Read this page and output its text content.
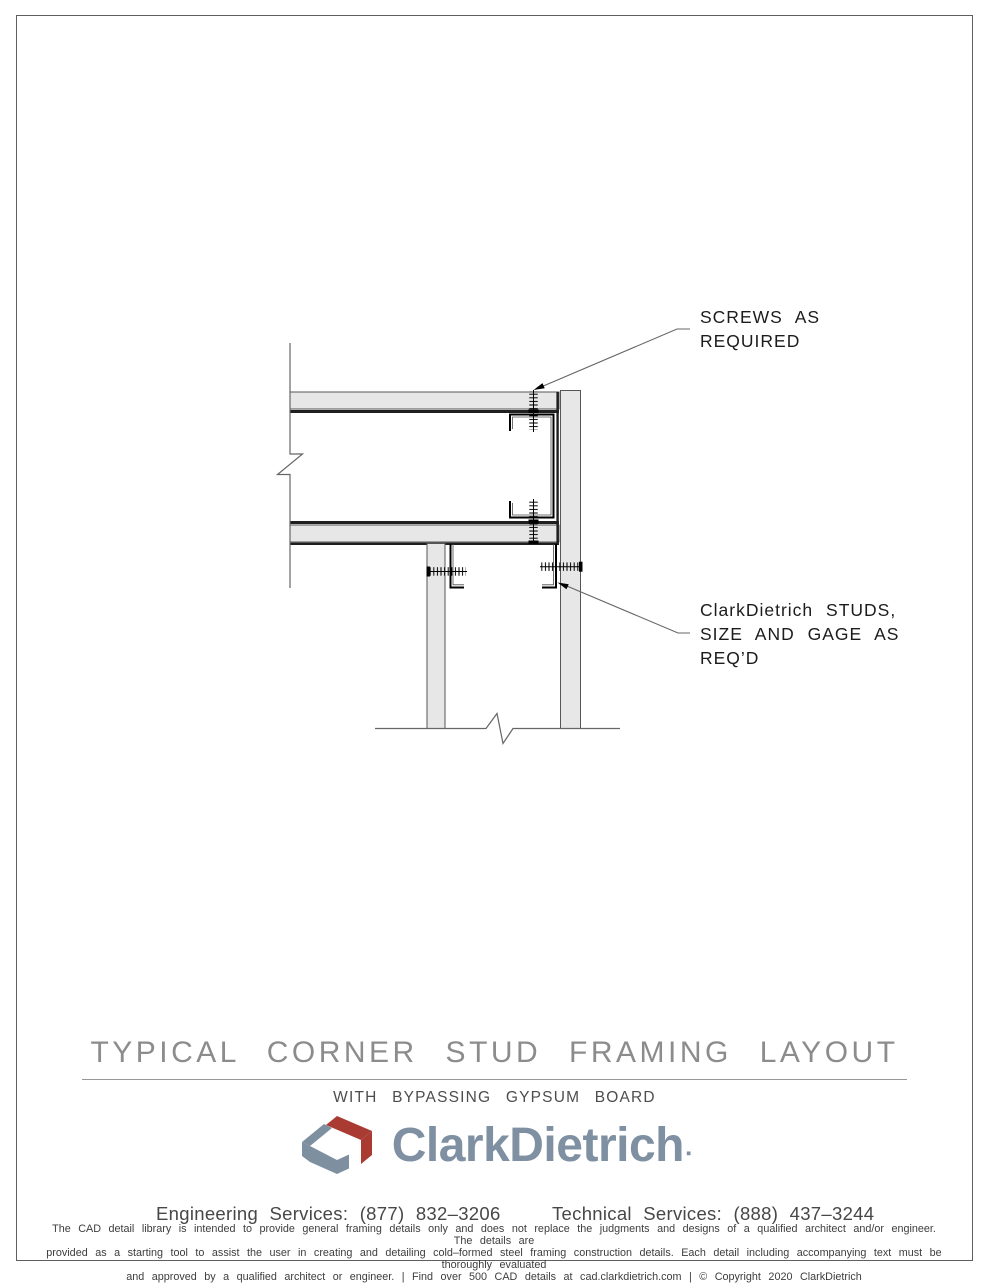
SCREWS AS
REQUIRED
ClarkDietrich STUDS,
SIZE AND GAGE AS
REQ’D
TYPICAL CORNER STUD FRAMING LAYOUT
WITH BYPASSING GYPSUM BOARD
ClarkDietrich ▪
Engineering Services: (877) 832–3206	Technical Services: (888) 437–3244
The CAD detail library is intended to provide general framing details only and does not replace the judgments and designs of a qualified architect and/or engineer. The details are
provided as a starting tool to assist the user in creating and detailing cold–formed steel framing construction details. Each detail including accompanying text must be thoroughly evaluated
and approved by a qualified architect or engineer. | Find over 500 CAD details at cad.clarkdietrich.com | © Copyright 2020 ClarkDietrich
